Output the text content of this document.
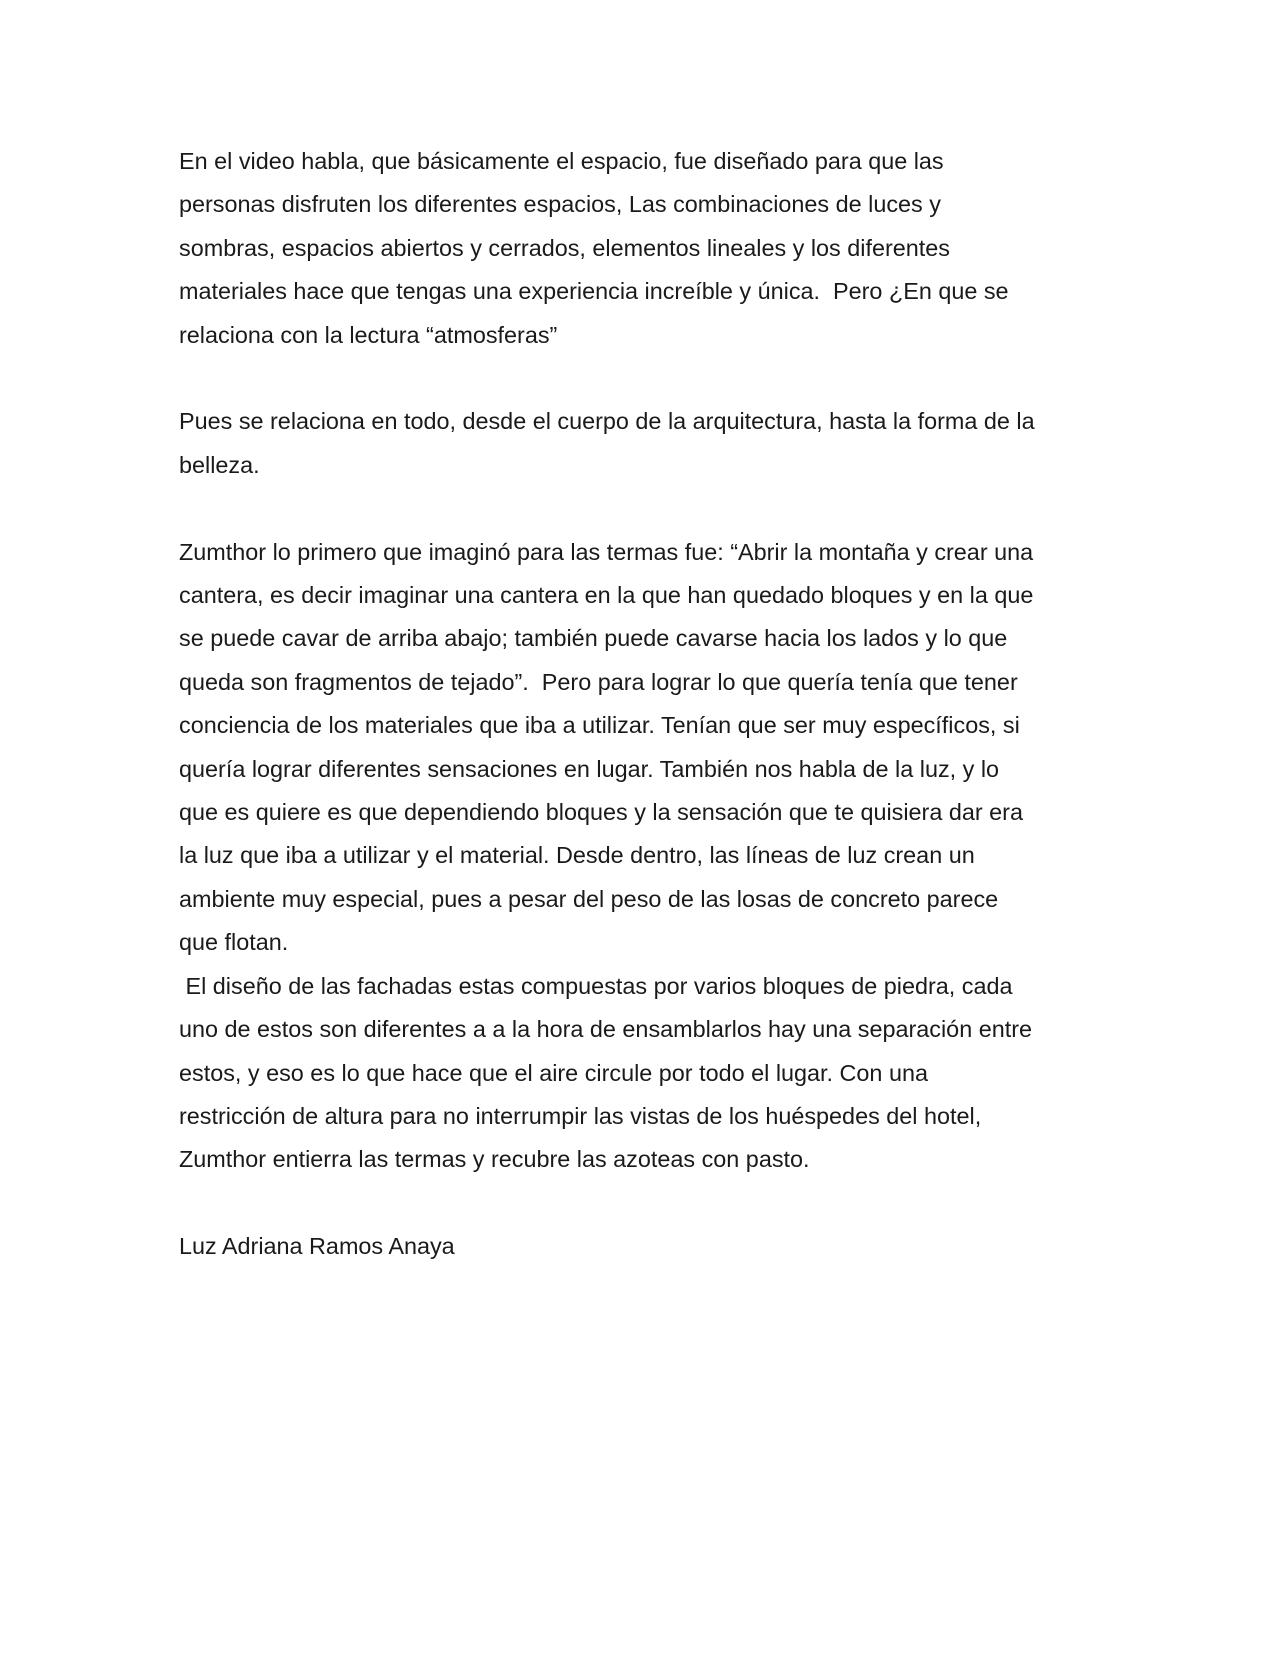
En el video habla, que básicamente el espacio, fue diseñado para que las
personas disfruten los diferentes espacios, Las combinaciones de luces y
sombras, espacios abiertos y cerrados, elementos lineales y los diferentes
materiales hace que tengas una experiencia increíble y única.  Pero ¿En que se
relaciona con la lectura “atmosferas”
Pues se relaciona en todo, desde el cuerpo de la arquitectura, hasta la forma de la
belleza.
Zumthor lo primero que imaginó para las termas fue: “Abrir la montaña y crear una
cantera, es decir imaginar una cantera en la que han quedado bloques y en la que
se puede cavar de arriba abajo; también puede cavarse hacia los lados y lo que
queda son fragmentos de tejado”.  Pero para lograr lo que quería tenía que tener
conciencia de los materiales que iba a utilizar. Tenían que ser muy específicos, si
quería lograr diferentes sensaciones en lugar. También nos habla de la luz, y lo
que es quiere es que dependiendo bloques y la sensación que te quisiera dar era
la luz que iba a utilizar y el material. Desde dentro, las líneas de luz crean un
ambiente muy especial, pues a pesar del peso de las losas de concreto parece
que flotan.
El diseño de las fachadas estas compuestas por varios bloques de piedra, cada
uno de estos son diferentes a a la hora de ensamblarlos hay una separación entre
estos, y eso es lo que hace que el aire circule por todo el lugar. Con una
restricción de altura para no interrumpir las vistas de los huéspedes del hotel,
Zumthor entierra las termas y recubre las azoteas con pasto.
Luz Adriana Ramos Anaya
